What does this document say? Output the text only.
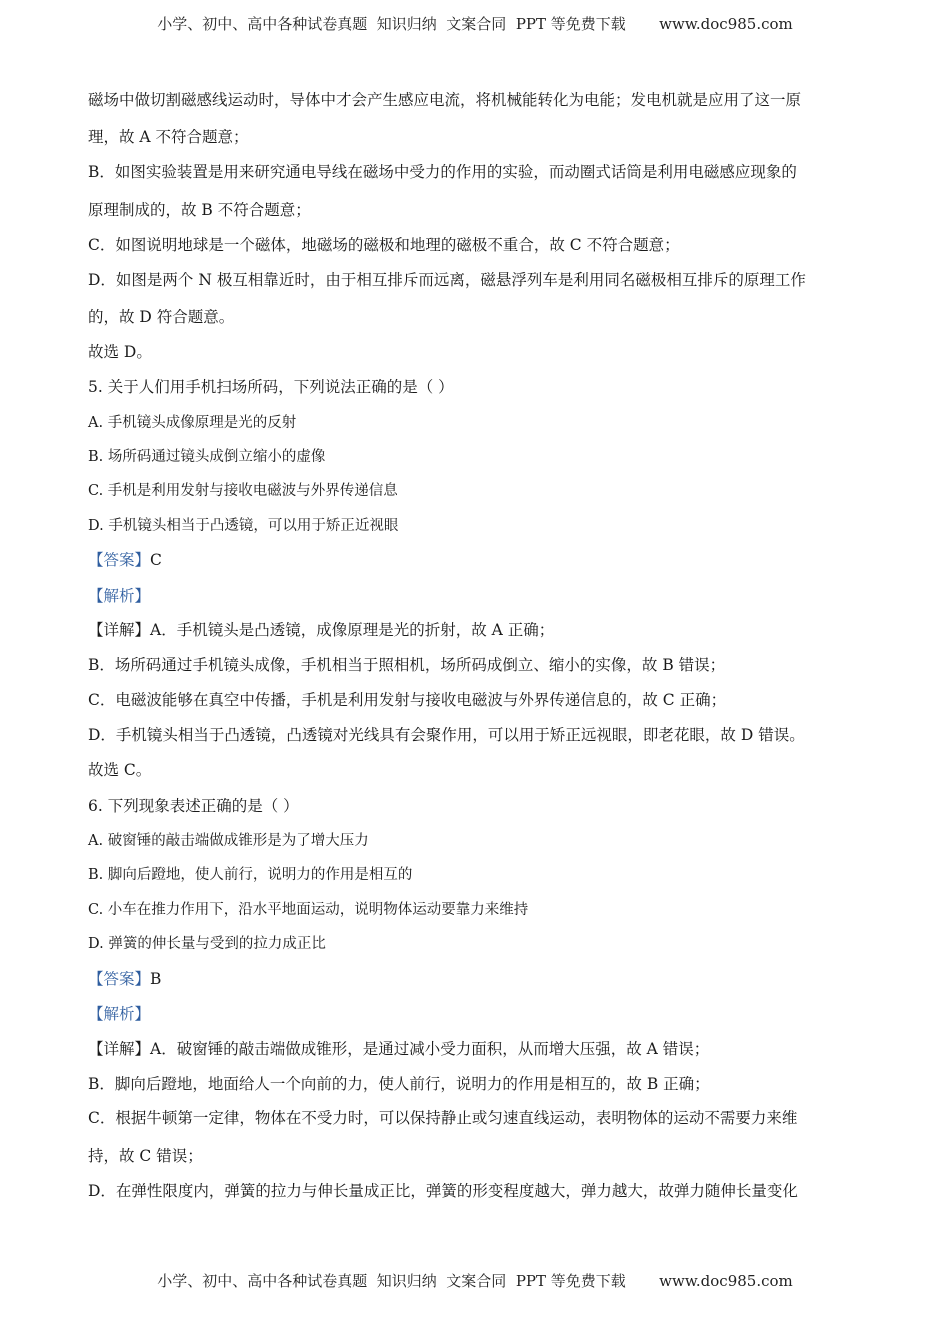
小学、初中、高中各种试卷真题  知识归纳  文案合同  PPT 等免费下载       www.doc985.com
磁场中做切割磁感线运动时，导体中才会产生感应电流，将机械能转化为电能；发电机就是应用了这一原
理，故 A 不符合题意；
B．如图实验装置是用来研究通电导线在磁场中受力的作用的实验，而动圈式话筒是利用电磁感应现象的
原理制成的，故 B 不符合题意；
C．如图说明地球是一个磁体，地磁场的磁极和地理的磁极不重合，故 C 不符合题意；
D．如图是两个 N 极互相靠近时，由于相互排斥而远离，磁悬浮列车是利用同名磁极相互排斥的原理工作
的，故 D 符合题意。
故选 D。
5. 关于人们用手机扫场所码，下列说法正确的是（ ）
A. 手机镜头成像原理是光的反射
B. 场所码通过镜头成倒立缩小的虚像
C. 手机是利用发射与接收电磁波与外界传递信息
D. 手机镜头相当于凸透镜，可以用于矫正近视眼
【答案】C
【解析】
【详解】A．手机镜头是凸透镜，成像原理是光的折射，故 A 正确；
B．场所码通过手机镜头成像，手机相当于照相机，场所码成倒立、缩小的实像，故 B 错误；
C．电磁波能够在真空中传播，手机是利用发射与接收电磁波与外界传递信息的，故 C 正确；
D．手机镜头相当于凸透镜，凸透镜对光线具有会聚作用，可以用于矫正远视眼，即老花眼，故 D 错误。
故选 C。
6. 下列现象表述正确的是（ ）
A. 破窗锤的敲击端做成锥形是为了增大压力
B. 脚向后蹬地，使人前行，说明力的作用是相互的
C. 小车在推力作用下，沿水平地面运动，说明物体运动要靠力来维持
D. 弹簧的伸长量与受到的拉力成正比
【答案】B
【解析】
【详解】A．破窗锤的敲击端做成锥形，是通过减小受力面积，从而增大压强，故 A 错误；
B．脚向后蹬地，地面给人一个向前的力，使人前行，说明力的作用是相互的，故 B 正确；
C．根据牛顿第一定律，物体在不受力时，可以保持静止或匀速直线运动，表明物体的运动不需要力来维
持，故 C 错误；
D．在弹性限度内，弹簧的拉力与伸长量成正比，弹簧的形变程度越大，弹力越大，故弹力随伸长量变化
小学、初中、高中各种试卷真题  知识归纳  文案合同  PPT 等免费下载       www.doc985.com
